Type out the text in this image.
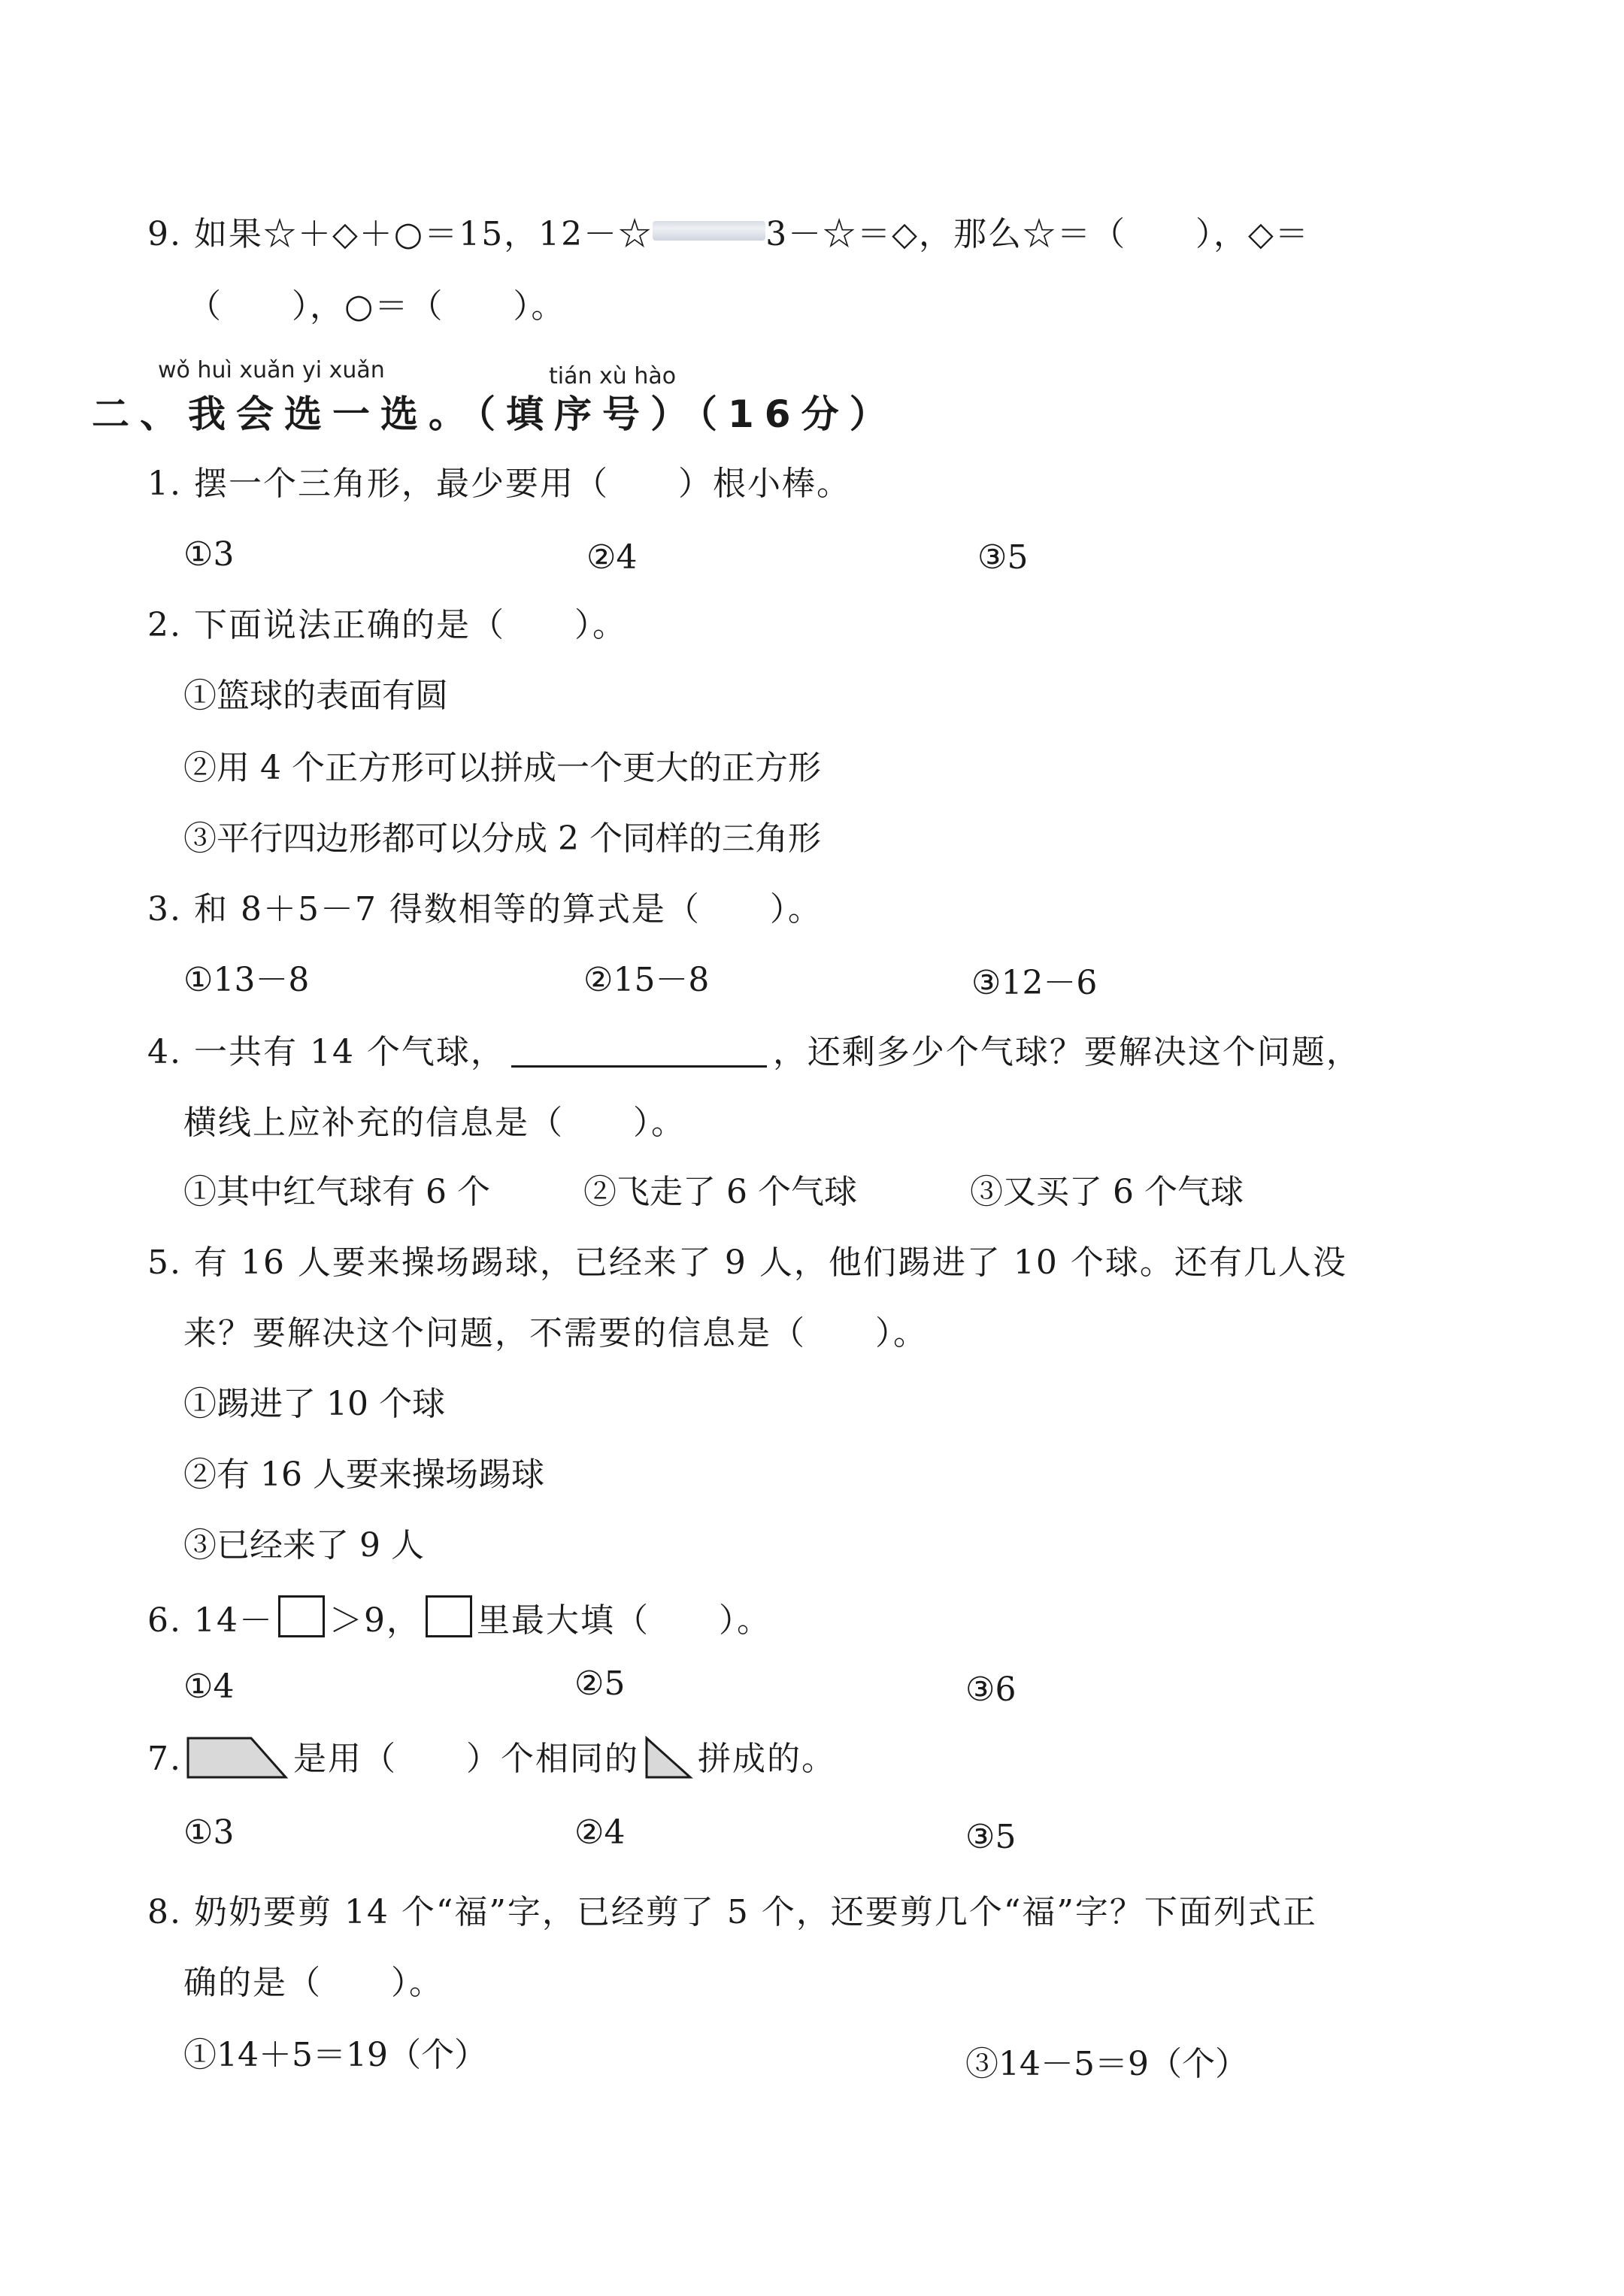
9. 如果☆＋◇＋○＝15，12－☆	3－☆＝◇，那么☆＝（　　），◇＝
（　　），○＝（　　）。
wǒ huì xuǎn yi xuǎn	tián xù hào
二、我会选一选。（填序号）（16分）
1. 摆一个三角形，最少要用（　　）根小棒。
①3	②4	③5
2. 下面说法正确的是（　　）。
①篮球的表面有圆
②用 4 个正方形可以拼成一个更大的正方形
③平行四边形都可以分成 2 个同样的三角形
3. 和 8＋5－7 得数相等的算式是（　　）。
①13－8	②15－8	③12－6
4. 一共有 14 个气球，	，还剩多少个气球？要解决这个问题，
横线上应补充的信息是（　　）。
①其中红气球有 6 个	②飞走了 6 个气球	③又买了 6 个气球
5. 有 16 人要来操场踢球，已经来了 9 人，他们踢进了 10 个球。还有几人没
来？要解决这个问题，不需要的信息是（　　）。
①踢进了 10 个球
②有 16 人要来操场踢球
③已经来了 9 人
6. 14－ ＞9， 里最大填（　　）。
①4	②5	③6
7.	是用（　　）个相同的 拼成的。
①3	②4	③5
8. 奶奶要剪 14 个“福”字，已经剪了 5 个，还要剪几个“福”字？下面列式正
确的是（　　）。
①14＋5＝19（个）	③14－5＝9（个）
